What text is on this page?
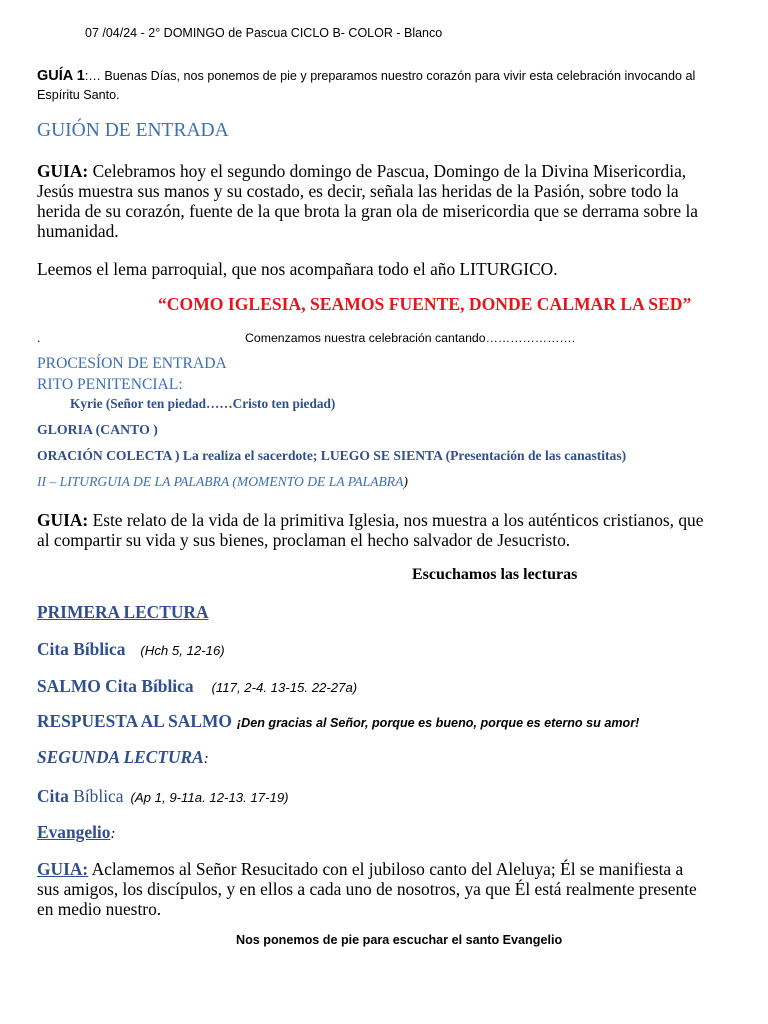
07 /04/24 - 2° DOMINGO de Pascua CICLO B- COLOR - Blanco
GUÍA 1:… Buenas Días, nos ponemos de pie y preparamos nuestro corazón para vivir esta celebración invocando al
Espíritu Santo.
GUIÓN DE ENTRADA
GUIA: Celebramos hoy el segundo domingo de Pascua, Domingo de la Divina Misericordia,
Jesús muestra sus manos y su costado, es decir, señala las heridas de la Pasión, sobre todo la
herida de su corazón, fuente de la que brota la gran ola de misericordia que se derrama sobre la
humanidad.
Leemos el lema parroquial, que nos acompañara todo el año LITURGICO.
“COMO IGLESIA, SEAMOS FUENTE, DONDE CALMAR LA SED”
.	Comenzamos nuestra celebración cantando………………….
PROCESÍON DE ENTRADA
RITO PENITENCIAL:
Kyrie (Señor ten piedad……Cristo ten piedad)
GLORIA (CANTO )
ORACIÓN COLECTA ) La realiza el sacerdote; LUEGO SE SIENTA (Presentación de las canastitas)
II – LITURGUIA DE LA PALABRA (MOMENTO DE LA PALABRA)
GUIA: Este relato de la vida de la primitiva Iglesia, nos muestra a los auténticos cristianos, que
al compartir su vida y sus bienes, proclaman el hecho salvador de Jesucristo.
Escuchamos las lecturas
PRIMERA LECTURA
Cita Bíblica (Hch 5, 12-16)
SALMO Cita Bíblica (117, 2-4. 13-15. 22-27a)
RESPUESTA AL SALMO ¡Den gracias al Señor, porque es bueno, porque es eterno su amor!
SEGUNDA LECTURA:
Cita Bíblica (Ap 1, 9-11a. 12-13. 17-19)
Evangelio:
GUIA: Aclamemos al Señor Resucitado con el jubiloso canto del Aleluya; Él se manifiesta a
sus amigos, los discípulos, y en ellos a cada uno de nosotros, ya que Él está realmente presente
en medio nuestro.
Nos ponemos de pie para escuchar el santo Evangelio
